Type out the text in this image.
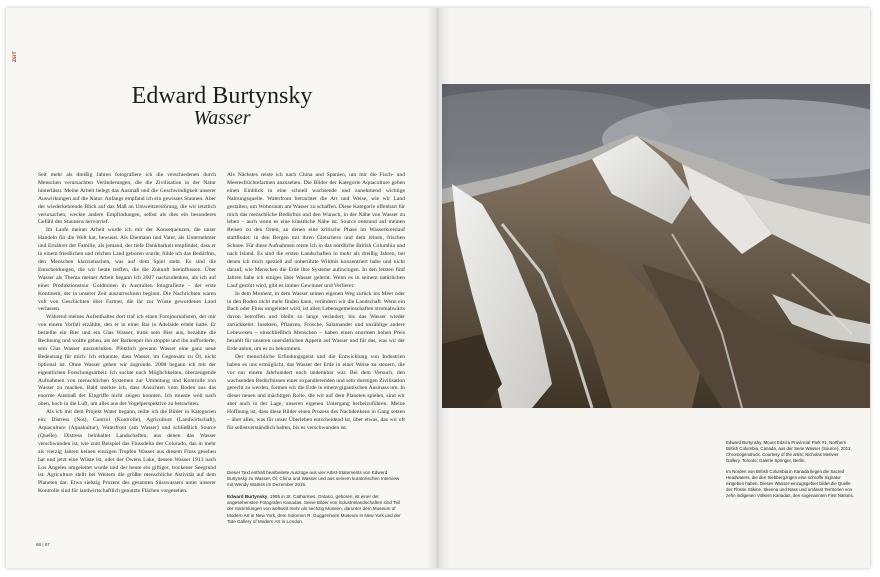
ZEIT
Edward Burtynsky
Wasser

Seit mehr als dreißig Jahren fotografiere ich die verschiedenen durch Menschen verursachten Veränderungen, die die Zivilisation in der Natur hinterlässt. Meine Arbeit belegt das Ausmaß und die Geschwindigkeit unserer Auswirkungen auf die Natur. Anfangs empfand ich ein gewisses Staunen. Aber der wiederkehrende Blick auf das Maß an Umweltzerstörung, die wir letztlich verursachen, weckte andere Empfindungen, selbst als dies ein besonderes Gefühl des Staunens hervorrief.

Im Laufe meiner Arbeit wurde ich mir der Konsequenzen, die unser Handeln für die Welt hat, bewusst. Als Ehemann und Vater, als Unternehmer und Ernährer der Familie, als jemand, der tiefe Dankbarkeit empfindet, dass er in einem friedlichen und reichen Land geboren wurde, fühle ich das Bedürfnis, den Menschen klarzumachen, was auf dem Spiel steht. Es sind die Entscheidungen, die wir heute treffen, die die Zukunft beeinflussen. Über Wasser als Thema meiner Arbeit begann ich 2007 nachzudenken, als ich auf einer Produktionstour Goldminen in Australien fotografierte – der erste Kontinent, der in unserer Zeit auszutrocknen beginnt. Die Nachrichten waren voll von Geschichten über Farmer, die ihr zur Wüste gewordenes Land verlassen.

Während meines Aufenthaltes dort traf ich einen Fotojournalisten, der mir von einem Vorfall erzählte, den er in einer Bar in Adelaide erlebt hatte. Er bestellte ein Bier und ein Glas Wasser, trank sein Bier aus, bezahlte die Rechnung und wollte gehen, als der Barkeeper ihn stoppte und ihn aufforderte, sein Glas Wasser auszutrinken. Plötzlich gewann Wasser eine ganz neue Bedeutung für mich. Ich erkannte, dass Wasser, im Gegensatz zu Öl, nicht optional ist. Ohne Wasser gehen wir zugrunde. 2008 begann ich mit der eigentlichen Forschungsarbeit. Ich suchte nach Möglichkeiten, überzeugende Aufnahmen von menschlichen Systemen zur Umleitung und Kontrolle von Wasser zu machen. Bald merkte ich, dass Ansichten vom Boden aus das enorme Ausmaß der Eingriffe nicht zeigen konnten. Ich musste weit nach oben, hoch in die Luft, um alles aus der Vogelperspektive zu betrachten.

Als ich mit dem Projekt Water begann, teilte ich die Bilder in Kategorien ein: Distress (Not), Control (Kontrolle), Agriculture (Landwirtschaft), Aquaculture (Aquakultur), Waterfront (am Wasser) und schließlich Source (Quelle). Distress beinhaltet Landschaften, aus denen das Wasser verschwunden ist, wie zum Beispiel das Flussdelta des Colorado, das in mehr als vierzig Jahren keinen einzigen Tropfen Wasser aus diesem Fluss gesehen hat und jetzt eine Wüste ist, oder der Owens Lake, dessen Wasser 1913 nach Los Angeles umgeleitet wurde und der heute ein giftiger, trockener Seegrund ist. Agriculture stellt bei Weitem die größte menschliche Aktivität auf dem Planeten dar. Etwa siebzig Prozent des gesamten Süsswassers unter unserer Kontrolle sind für landwirtschaftlich genutzte Flächen vorgesehen.

Als Nächstes reiste ich nach China und Spanien, um mir die Fisch- und Meeresfrüchtefarmen anzusehen. Die Bilder der Kategorie Aquaculture geben einen Einblick in eine schnell wachsende und zunehmend wichtige Nahrungsquelle. Waterfront betrachtet die Art und Weise, wie wir Land gestalten, um Wohnraum am Wasser zu schaffen. Diese Kategorie offenbart für mich das menschliche Bedürfnis und den Wunsch, in der Nähe von Wasser zu leben – auch wenn es eine künstliche Nähe ist. Source entstand auf meinen Reisen zu den Orten, an denen eine kritische Phase im Wasserkreislauf stattfindet: in den Bergen mit ihren Gletschern und dem reinen, frischen Schnee. Für diese Aufnahmen reiste ich in das nördliche British Columbia und nach Island. Es sind die ersten Landschaften in mehr als dreißig Jahren, bei denen ich mich speziell auf unberührte Wildnis konzentriert habe und nicht darauf, wie Menschen die Erde ihre Systeme aufzwingen. In den letzten fünf Jahren habe ich einiges über Wasser gelernt. Wenn es in seinem natürlichen Lauf gestört wird, gibt es immer Gewinner und Verlierer.

In dem Moment, in dem Wasser seinen eigenen Weg zurück ins Meer oder in den Boden nicht mehr finden kann, verändern wir die Landschaft. Wenn ein Bach oder Fluss umgeleitet wird, ist allen Lebensgemeinschaften stromabwärts davon betroffen und bleibt so lange verändert, bis das Wasser wieder zurückkehrt. Insekten, Pflanzen, Frösche, Salamander und unzählige andere Lebewesen – einschließlich Menschen – haben einen enormen hohen Preis bezahlt für unseren unersättlichen Appetit auf Wasser und für das, was wir der Erde antun, um es zu bekommen.

Der menschliche Erfindungsgeist und die Entwicklung von Industrien haben es uns ermöglicht, das Wasser der Erde in einer Weise zu steuern, die vor nur einem Jahrhundert noch undenkbar war. Bei dem Versuch, den wachsenden Bedürfnissen einer expandierenden und sehr durstigen Zivilisation gerecht zu werden, formen wir die Erde in einem gigantischen Ausmass um. In dieser neuen und mächtigen Rolle, die wir auf dem Planeten spielen, sind wir aber auch in der Lage, unseren eigenen Untergang herbeizuführen. Meine Hoffnung ist, dass diese Bilder einen Prozess des Nachdenkens in Gang setzen – über alles, was für unser Überleben entscheidend ist, über etwas, das wir oft für selbstverständlich halten, bis es verschwunden ist.

Dieser Text enthält bearbeitete Auszüge aus vier Artist-Statements von Edward Burtynsky zu Wasser, Öl, China und Wasser und aus seinem kuratorischen Interview mit Wendy Watriss im Dezember 2015.
Edward Burtynsky, 1955 in St. Catharines, Ontario, geboren, ist einer der angesehensten Fotografen Kanadas. Seine Bilder von Industrielandschaften sind Teil der Sammlungen von weltweit mehr als sechzig Museen, darunter dem Museum of Modern Art in New York, dem Solomon R. Guggenheim Museum in New York und der Tate Gallery of Modern Art in London.
66 | 67

Edward Burtynsky, Mount Edziza Provincial Park #1, Northern British Columbia, Canada, aus der Serie Wasser (Source), 2012, Chromogendruck. Courtesy of the artist; Nicholas Metivier Gallery, Toronto; Galerie Springer, Berlin.

Im Norden von British Columbia in Kanada liegen die Sacred Headwaters, die den Siebbergzügen eine schroffe Signatur eingeben haben. Dieses Wasser-einzugsgebiet bildet die Quelle der Flüsse Stikine, Skeena und Nass und umfasst Territorien von zehn indigenen Völkern Kanadas, den sogenannten First Nations.
